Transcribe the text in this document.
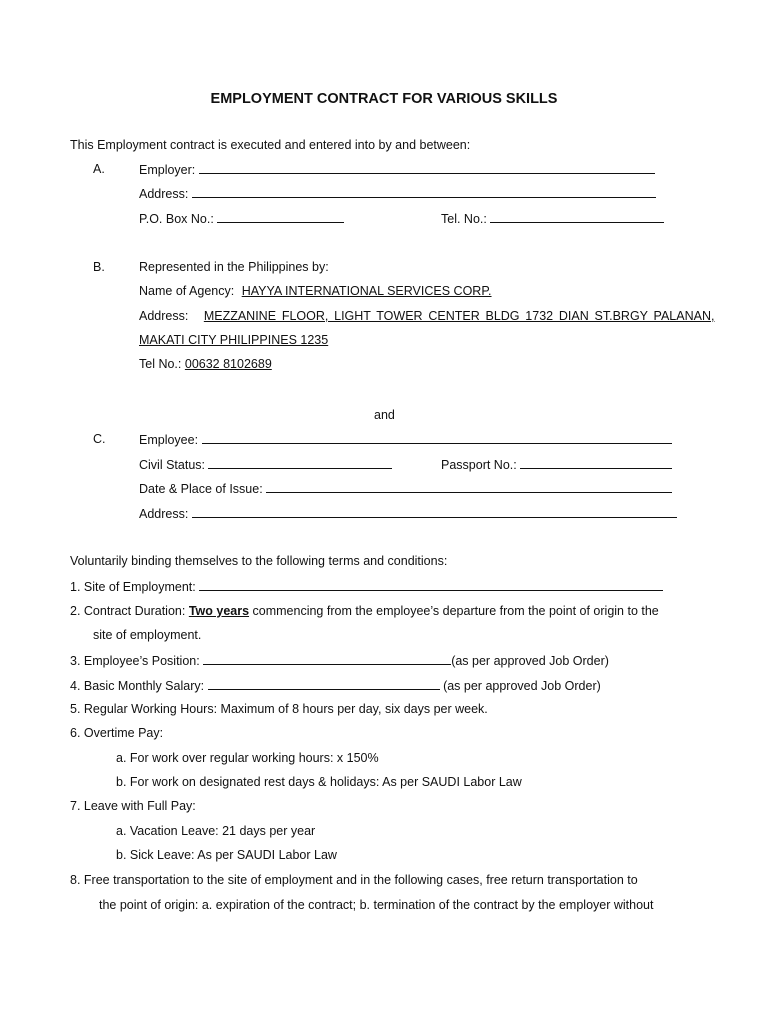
EMPLOYMENT CONTRACT FOR VARIOUS SKILLS
This Employment contract is executed and entered into by and between:
A.	Employer:
Address:
P.O. Box No.:	Tel. No.:
B.	Represented in the Philippines by:
Name of Agency: HAYYA INTERNATIONAL SERVICES CORP.
Address: MEZZANINE FLOOR, LIGHT TOWER CENTER BLDG 1732 DIAN ST.BRGY PALANAN,
MAKATI CITY PHILIPPINES 1235
Tel No.: 00632 8102689
and
C.	Employee:
Civil Status:	Passport No.:
Date & Place of Issue:
Address:
Voluntarily binding themselves to the following terms and conditions:
1. Site of Employment:
2. Contract Duration: Two years commencing from the employee’s departure from the point of origin to the
site of employment.
3. Employee’s Position:	(as per approved Job Order)
4. Basic Monthly Salary:	(as per approved Job Order)
5. Regular Working Hours: Maximum of 8 hours per day, six days per week.
6. Overtime Pay:
a. For work over regular working hours: x 150%
b. For work on designated rest days & holidays: As per SAUDI Labor Law
7. Leave with Full Pay:
a. Vacation Leave: 21 days per year
b. Sick Leave: As per SAUDI Labor Law
8. Free transportation to the site of employment and in the following cases, free return transportation to
the point of origin: a. expiration of the contract; b. termination of the contract by the employer without
